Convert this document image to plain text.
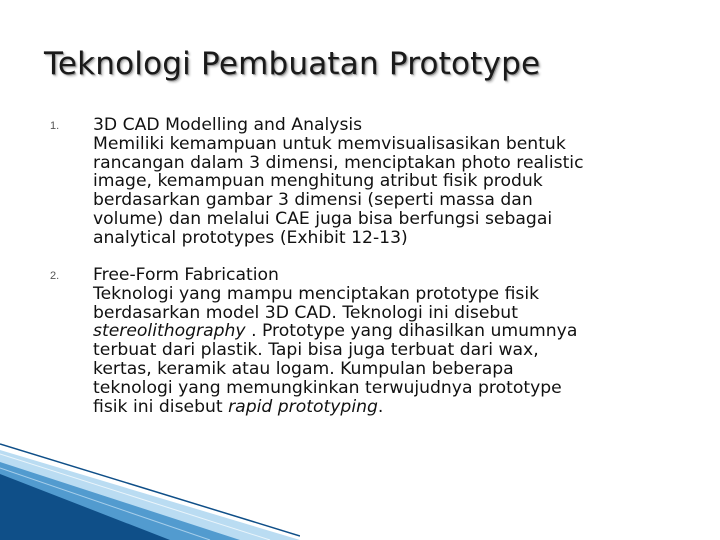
Teknologi Pembuatan Prototype
1. 3D CAD Modelling and Analysis
Memiliki kemampuan untuk memvisualisasikan bentuk
rancangan dalam 3 dimensi, menciptakan photo realistic
image, kemampuan menghitung atribut fisik produk
berdasarkan gambar 3 dimensi (seperti massa dan
volume) dan melalui CAE juga bisa berfungsi sebagai
analytical prototypes (Exhibit 12-13)
2. Free-Form Fabrication
Teknologi yang mampu menciptakan prototype fisik
berdasarkan model 3D CAD. Teknologi ini disebut
stereolithography . Prototype yang dihasilkan umumnya
terbuat dari plastik. Tapi bisa juga terbuat dari wax,
kertas, keramik atau logam. Kumpulan beberapa
teknologi yang memungkinkan terwujudnya prototype
fisik ini disebut rapid prototyping.
